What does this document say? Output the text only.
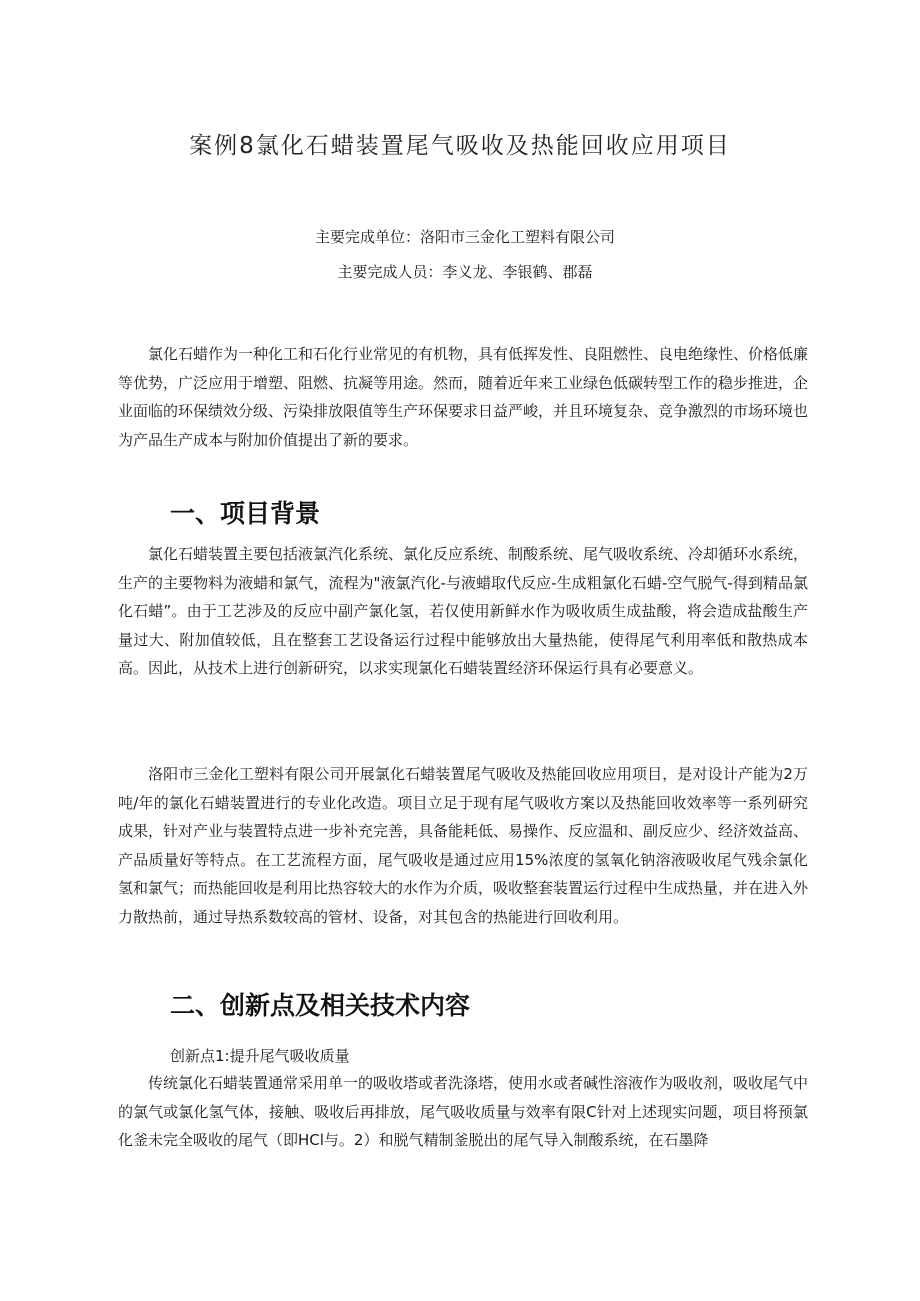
案例8氯化石蜡装置尾气吸收及热能回收应用项目
主要完成单位：洛阳市三金化工塑料有限公司
主要完成人员：李义龙、李银鹤、郡磊

氯化石蜡作为一种化工和石化行业常见的有机物，具有低挥发性、良阻燃性、良电绝缘性、价格低廉等优势，广泛应用于增塑、阻燃、抗凝等用途。然而，随着近年来工业绿色低碳转型工作的稳步推进，企业面临的环保绩效分级、污染排放限值等生产环保要求日益严峻，并且环境复杂、竞争激烈的市场环境也为产品生产成本与附加价值提出了新的要求。

一、项目背景

氯化石蜡装置主要包括液氯汽化系统、氯化反应系统、制酸系统、尾气吸收系统、冷却循环水系统，生产的主要物料为液蜡和氯气，流程为"液氯汽化-与液蜡取代反应-生成粗氯化石蜡-空气脱气-得到精品氯化石蜡”。由于工艺涉及的反应中副产氯化氢，若仅使用新鲜水作为吸收质生成盐酸，将会造成盐酸生产量过大、附加值较低，且在整套工艺设备运行过程中能够放出大量热能，使得尾气利用率低和散热成本高。因此，从技术上进行创新研究，以求实现氯化石蜡装置经济环保运行具有必要意义。

洛阳市三金化工塑料有限公司开展氯化石蜡装置尾气吸收及热能回收应用项目，是对设计产能为2万吨/年的氯化石蜡装置进行的专业化改造。项目立足于现有尾气吸收方案以及热能回收效率等一系列研究成果，针对产业与装置特点进一步补充完善，具备能耗低、易操作、反应温和、副反应少、经济效益高、产品质量好等特点。在工艺流程方面，尾气吸收是通过应用15%浓度的氢氧化钠溶液吸收尾气残余氯化氢和氯气；而热能回收是利用比热容较大的水作为介质，吸收整套装置运行过程中生成热量，并在进入外力散热前，通过导热系数较高的管材、设备，对其包含的热能进行回收利用。

二、创新点及相关技术内容

创新点1:提升尾气吸收质量

传统氯化石蜡装置通常采用单一的吸收塔或者洗涤塔，使用水或者碱性溶液作为吸收剂，吸收尾气中的氯气或氯化氢气体，接触、吸收后再排放，尾气吸收质量与效率有限C针对上述现实问题，项目将预氯化釜未完全吸收的尾气（即HCl与。2）和脱气精制釜脱出的尾气导入制酸系统，在石墨降
